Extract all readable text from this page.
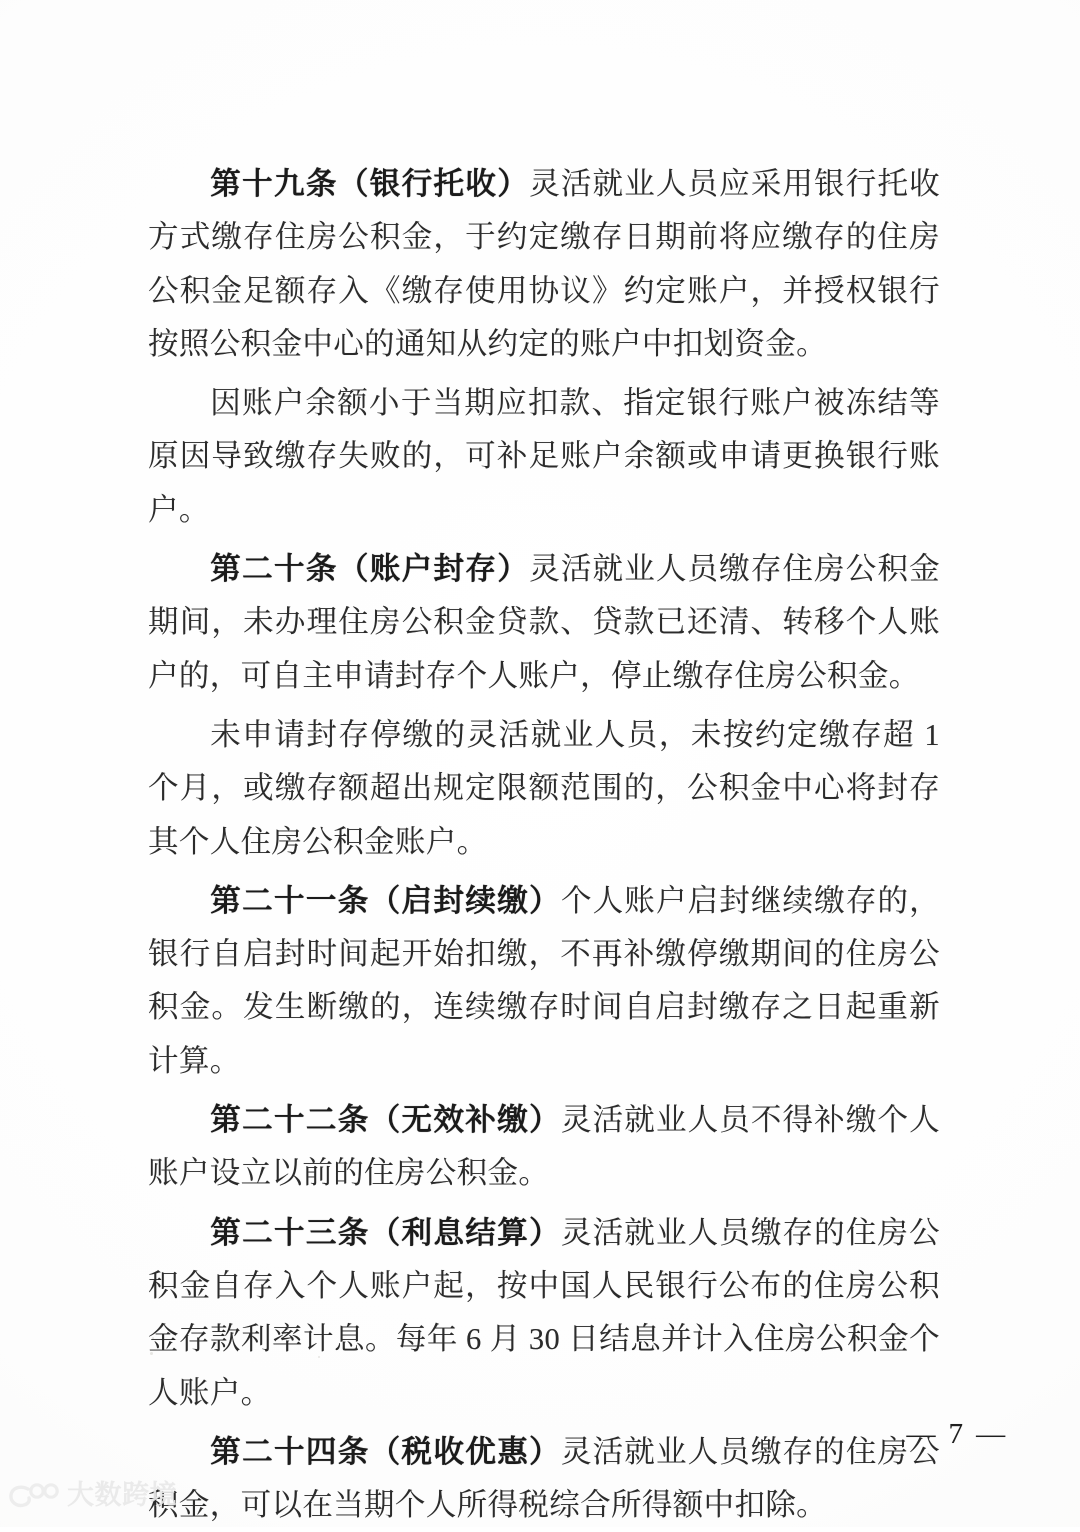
第十九条（银行托收）灵活就业人员应采用银行托收方式缴存住房公积金，于约定缴存日期前将应缴存的住房公积金足额存入《缴存使用协议》约定账户，并授权银行按照公积金中心的通知从约定的账户中扣划资金。

因账户余额小于当期应扣款、指定银行账户被冻结等原因导致缴存失败的，可补足账户余额或申请更换银行账户。

第二十条（账户封存）灵活就业人员缴存住房公积金期间，未办理住房公积金贷款、贷款已还清、转移个人账户的，可自主申请封存个人账户，停止缴存住房公积金。

未申请封存停缴的灵活就业人员，未按约定缴存超 1 个月，或缴存额超出规定限额范围的，公积金中心将封存其个人住房公积金账户。

第二十一条（启封续缴）个人账户启封继续缴存的，银行自启封时间起开始扣缴，不再补缴停缴期间的住房公积金。发生断缴的，连续缴存时间自启封缴存之日起重新计算。

第二十二条（无效补缴）灵活就业人员不得补缴个人账户设立以前的住房公积金。

第二十三条（利息结算）灵活就业人员缴存的住房公积金自存入个人账户起，按中国人民银行公布的住房公积金存款利率计息。每年 6 月 30 日结息并计入住房公积金个人账户。

第二十四条（税收优惠）灵活就业人员缴存的住房公积金，可以在当期个人所得税综合所得额中扣除。

— 7 —
大数跨境
